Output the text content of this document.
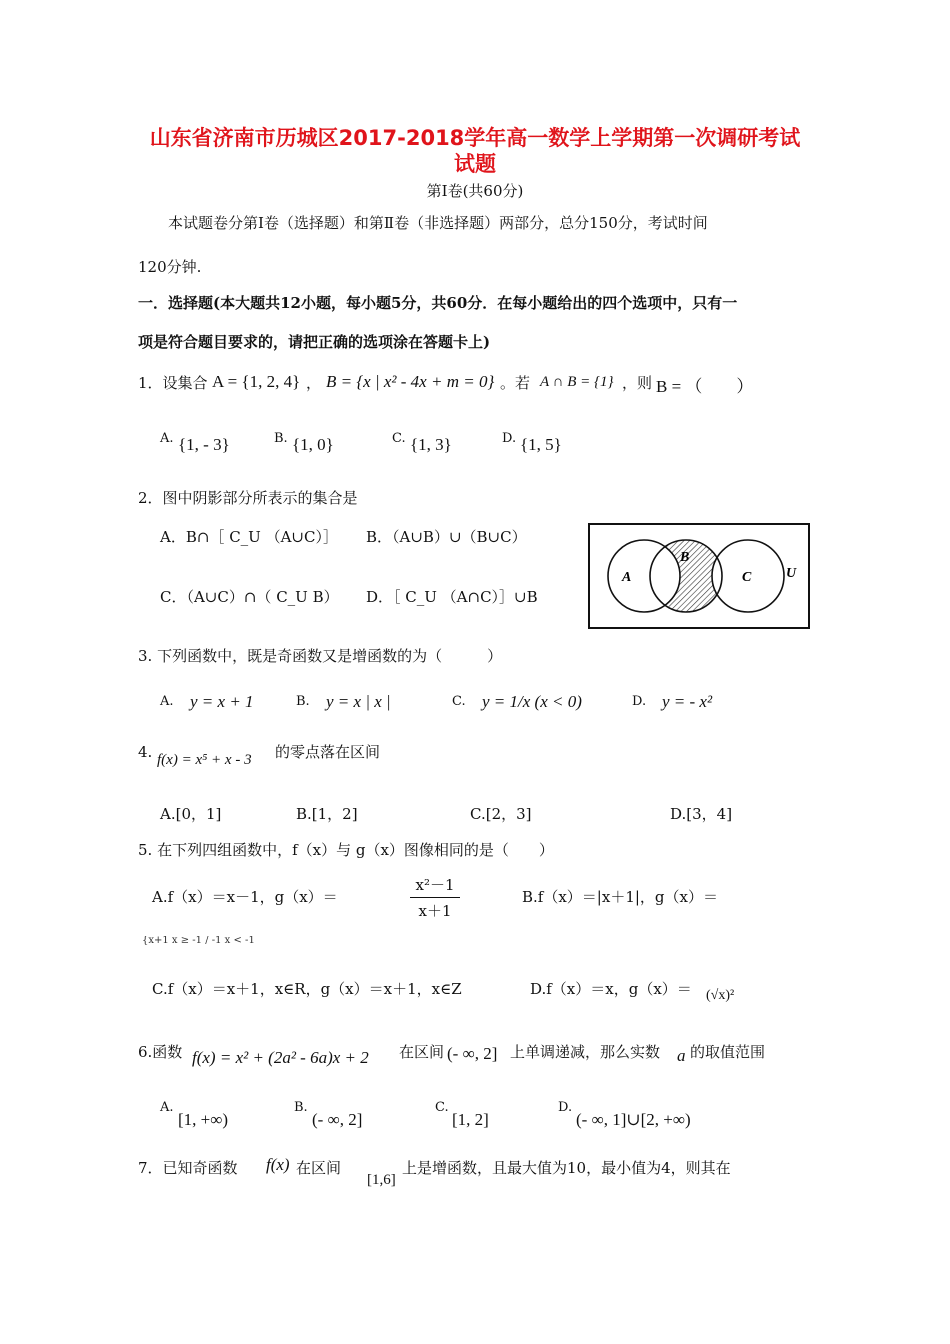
山东省济南市历城区2017-2018学年高一数学上学期第一次调研考试
试题
第Ⅰ卷(共60分)
本试题卷分第Ⅰ卷（选择题）和第Ⅱ卷（非选择题）两部分，总分150分，考试时间
120分钟.
一．选择题(本大题共12小题，每小题5分，共60分．在每小题给出的四个选项中，只有一
项是符合题目要求的，请把正确的选项涂在答题卡上)
1．设集合 A = {1, 2, 4} ， B = {x | x² - 4x + m = 0} 。若 A ∩ B = {1} ，则 B = （　　）
A. {1, - 3}	B. {1, 0}	C. {1, 3}	D. {1, 5}
2．图中阴影部分所表示的集合是
A．B∩［ C_U （A∪C）］ B．（A∪B）∪（B∪C）
C．（A∪C）∩（ C_U B） D．［ C_U （A∩C）］∪B
A
B
C U
3. 下列函数中，既是奇函数又是增函数的为（　　　）
A. y = x + 1	B. y = x | x |	C. y = 1/x (x < 0)	D. y = - x²
4. f(x) = x⁵ + x - 3 的零点落在区间
A.[0，1]	B.[1，2]	C.[2，3]	D.[3，4]
5. 在下列四组函数中，f（x）与 g（x）图像相同的是（　　）
A.f（x）＝x－1，g（x）＝
x²－1
x＋1
B.f（x）＝|x＋1|，g（x）＝
{x+1 x ≥ -1 / -1 x < -1
C.f（x）＝x＋1，x∈R，g（x）＝x＋1，x∈Z	D.f（x）＝x，g（x）＝ (√x)²
6.函数 f(x) = x² + (2a² - 6a)x + 2 在区间 (- ∞, 2] 上单调递减，那么实数 a 的取值范围
A.
[1, +∞)
B.
(- ∞, 2]
C.
[1, 2]
D.
(- ∞, 1]∪[2, +∞)
7．已知奇函数 f(x) 在区间
[1,6]
上是增函数，且最大值为10，最小值为4，则其在
